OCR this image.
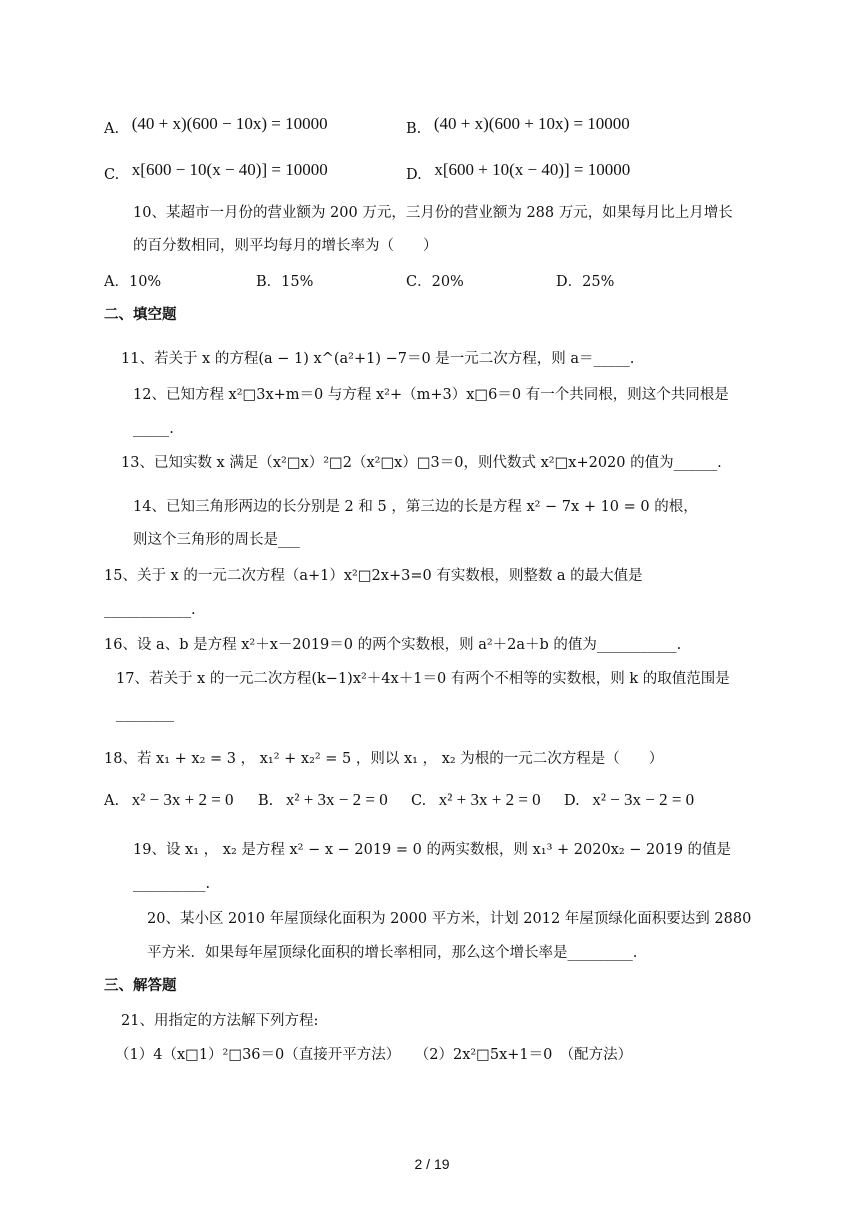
A. (40 + x)(600 − 10x) = 10000	B. (40 + x)(600 + 10x) = 10000
C. x[600 − 10(x − 40)] = 10000	D. x[600 + 10(x − 40)] = 10000
10、某超市一月份的营业额为 200 万元，三月份的营业额为 288 万元，如果每月比上月增长
的百分数相同，则平均每月的增长率为（　　）
A．10%	B．15%	C．20%	D．25%
二、填空题
11、若关于 x 的方程(a − 1) x^(a²+1) −7＝0 是一元二次方程，则 a＝_____.
12、已知方程 x²□3x+m＝0 与方程 x²+（m+3）x□6＝0 有一个共同根，则这个共同根是
_____.
13、已知实数 x 满足（x²□x）²□2（x²□x）□3＝0，则代数式 x²□x+2020 的值为______.
14、已知三角形两边的长分别是 2 和 5 ，第三边的长是方程 x² − 7x + 10 = 0 的根，
则这个三角形的周长是___
15、关于 x 的一元二次方程（a+1）x²□2x+3=0 有实数根，则整数 a 的最大值是
____________.
16、设 a、b 是方程 x²＋x－2019＝0 的两个实数根，则 a²＋2a＋b 的值为___________.
17、若关于 x 的一元二次方程(k−1)x²＋4x＋1＝0 有两个不相等的实数根，则 k 的取值范围是
________
18、若 x₁ + x₂ = 3 ， x₁² + x₂² = 5 ，则以 x₁ ， x₂ 为根的一元二次方程是（　　）
A. x² − 3x + 2 = 0 B. x² + 3x − 2 = 0 C. x² + 3x + 2 = 0 D. x² − 3x − 2 = 0
19、设 x₁ ， x₂ 是方程 x² − x − 2019 = 0 的两实数根，则 x₁³ + 2020x₂ − 2019 的值是
__________.
20、某小区 2010 年屋顶绿化面积为 2000 平方米，计划 2012 年屋顶绿化面积要达到 2880
平方米．如果每年屋顶绿化面积的增长率相同，那么这个增长率是_________.
三、解答题
21、用指定的方法解下列方程:
（1）4（x□1）²□36＝0（直接开平方法）　　（2）2x²□5x+1＝0　（配方法）
2 / 19
